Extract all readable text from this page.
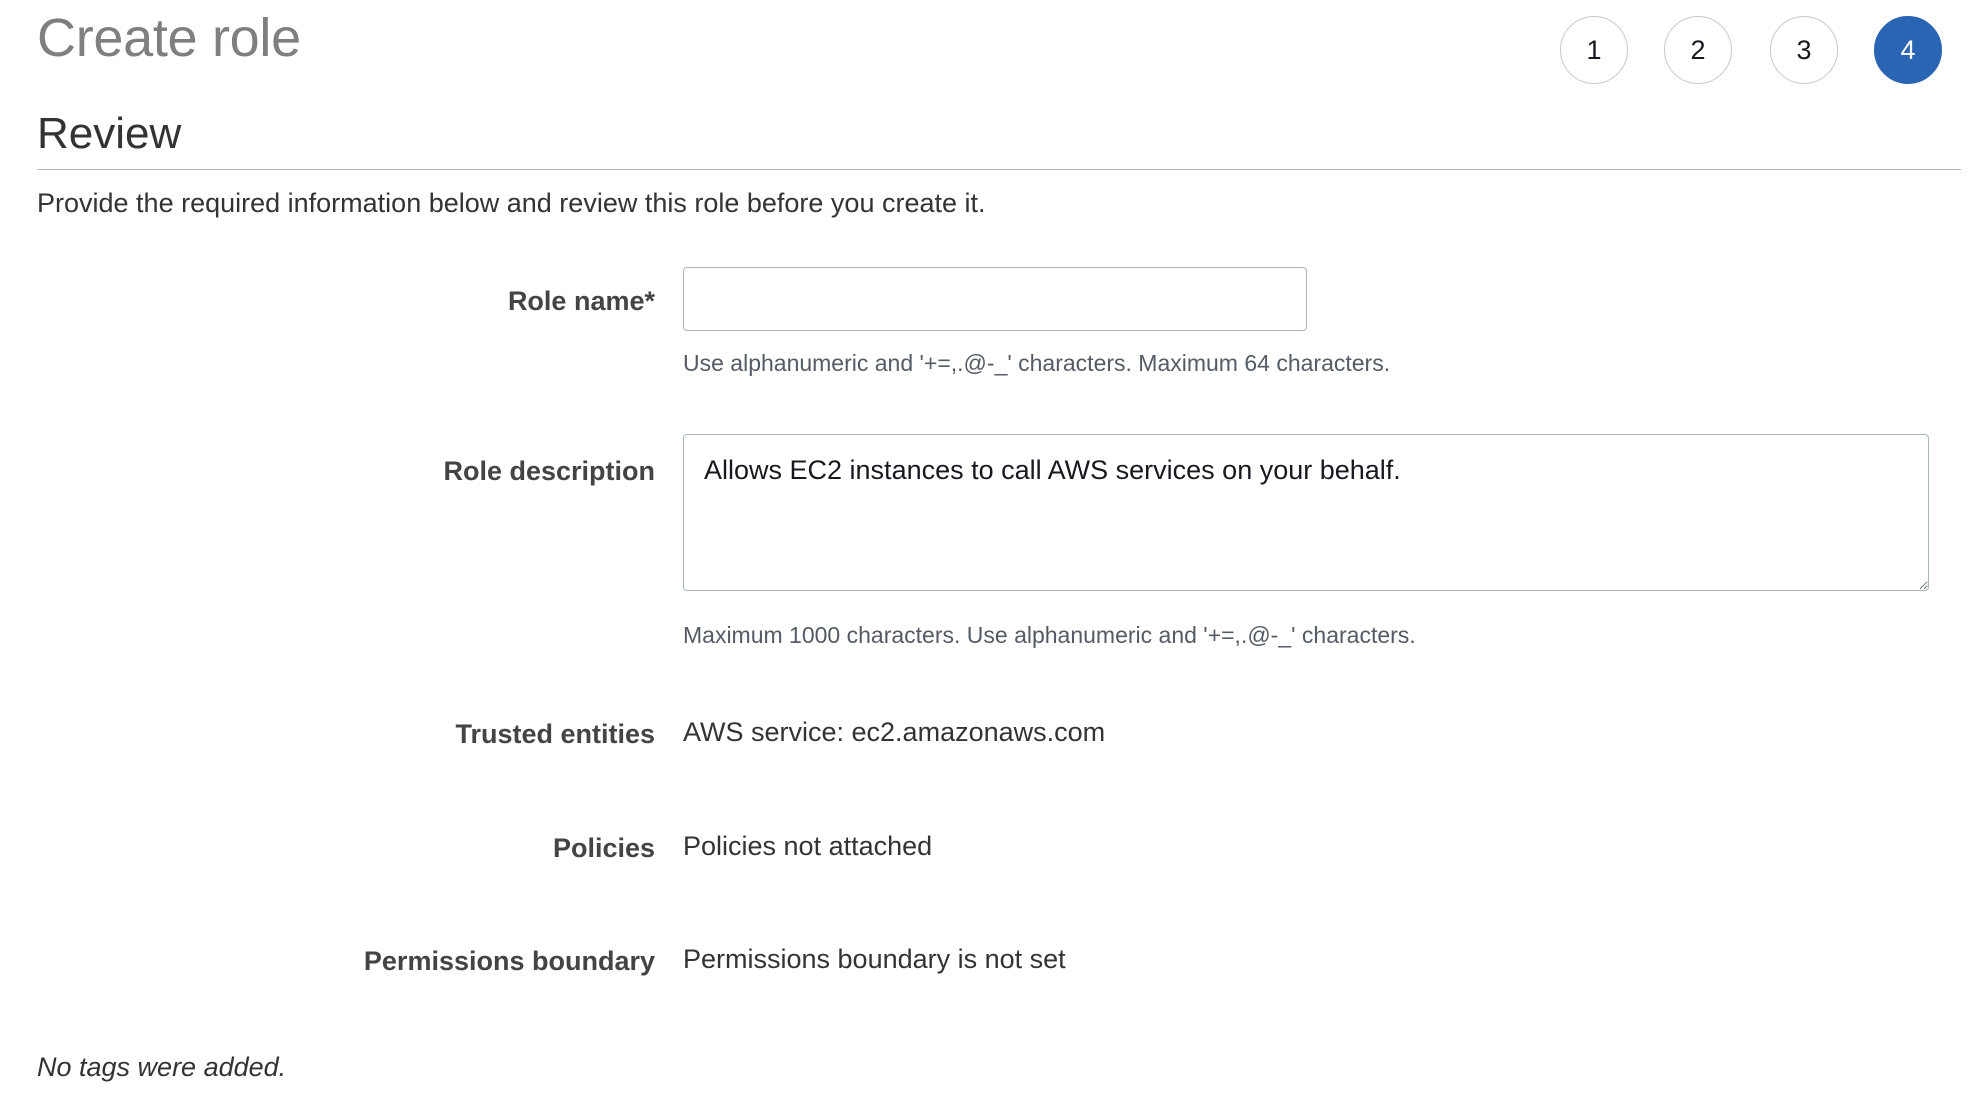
Create role	1	2	3	4
Review
Provide the required information below and review this role before you create it.
Role name*
Use alphanumeric and '+=,.@-_' characters. Maximum 64 characters.
Role description
Allows EC2 instances to call AWS services on your behalf.
Maximum 1000 characters. Use alphanumeric and '+=,.@-_' characters.
Trusted entities AWS service: ec2.amazonaws.com
Policies Policies not attached
Permissions boundary Permissions boundary is not set
No tags were added.
